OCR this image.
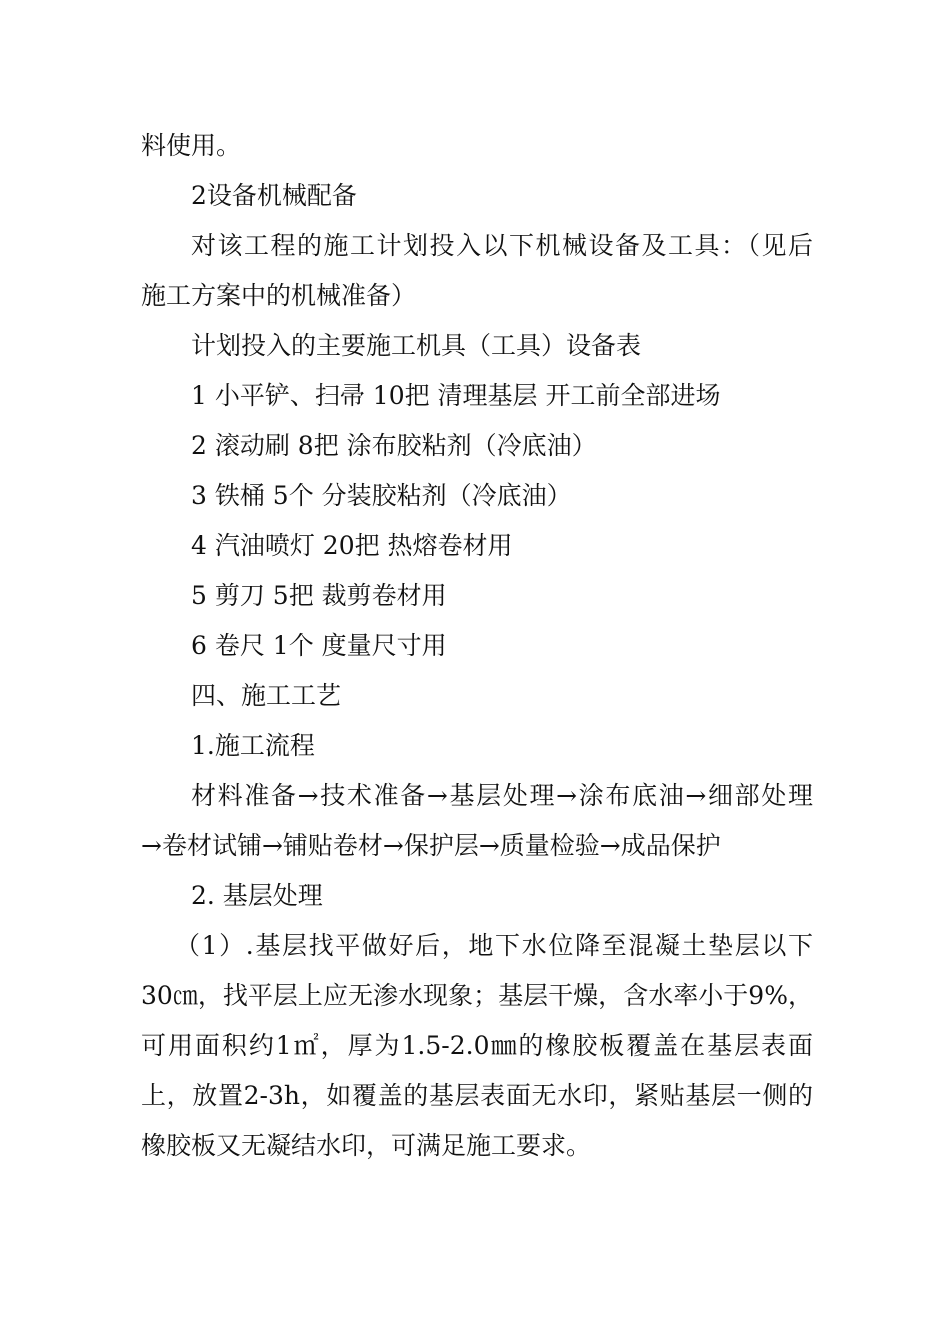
料使用。
2设备机械配备
对该工程的施工计划投入以下机械设备及工具：（见后
施工方案中的机械准备）
计划投入的主要施工机具（工具）设备表
1 小平铲、扫帚 10把 清理基层 开工前全部进场
2 滚动刷 8把 涂布胶粘剂（冷底油）
3 铁桶 5个 分装胶粘剂（冷底油）
4 汽油喷灯 20把 热熔卷材用
5 剪刀 5把 裁剪卷材用
6 卷尺 1个 度量尺寸用
四、施工工艺
1.施工流程
材料准备→技术准备→基层处理→涂布底油→细部处理
→卷材试铺→铺贴卷材→保护层→质量检验→成品保护
2. 基层处理
（1）.基层找平做好后，地下水位降至混凝土垫层以下
30㎝，找平层上应无渗水现象；基层干燥，含水率小于9%，
可用面积约1㎡，厚为1.5-2.0㎜的橡胶板覆盖在基层表面
上，放置2-3h，如覆盖的基层表面无水印，紧贴基层一侧的
橡胶板又无凝结水印，可满足施工要求。
